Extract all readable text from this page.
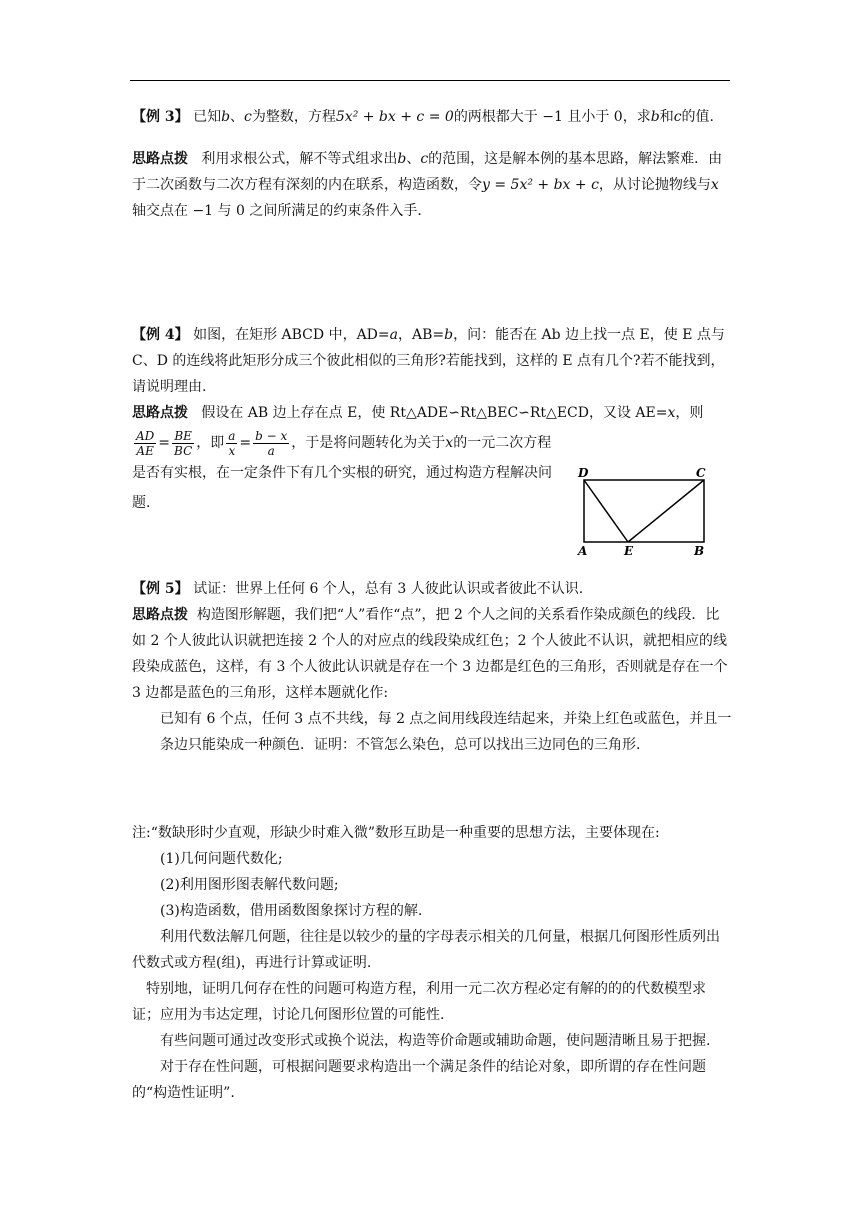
【例 3】 已知b、c为整数，方程5x² + bx + c = 0的两根都大于 −1 且小于 0，求b和c的值.

思路点拨 利用求根公式，解不等式组求出b、c的范围，这是解本例的基本思路，解法繁难．由于二次函数与二次方程有深刻的内在联系，构造函数，令y = 5x² + bx + c，从讨论抛物线与x轴交点在 −1 与 0 之间所满足的约束条件入手．

【例 4】 如图，在矩形 ABCD 中，AD=a，AB=b，问：能否在 Ab 边上找一点 E，使 E 点与 C、D 的连线将此矩形分成三个彼此相似的三角形?若能找到，这样的 E 点有几个?若不能找到，请说明理由.

思路点拨 假设在 AB 边上存在点 E，使 Rt△ADE∽Rt△BEC∽Rt△ECD，又设 AE=x，则

$\frac{AD}{AE} = \frac{BE}{BC}$ ，即 $\frac{a}{x} = \frac{b - x}{a}$ ，于是将问题转化为关于x的一元二次方程是否有实根，在一定条件下有几个实根的研究，通过构造方程解决问题.

D	C
A	E	B

【例 5】 试证：世界上任何 6 个人，总有 3 人彼此认识或者彼此不认识.

思路点拨 构造图形解题，我们把“人”看作“点”，把 2 个人之间的关系看作染成颜色的线段．比如 2 个人彼此认识就把连接 2 个人的对应点的线段染成红色；2 个人彼此不认识，就把相应的线段染成蓝色，这样，有 3 个人彼此认识就是存在一个 3 边都是红色的三角形，否则就是存在一个 3 边都是蓝色的三角形，这样本题就化作:

已知有 6 个点，任何 3 点不共线，每 2 点之间用线段连结起来，并染上红色或蓝色，并且一条边只能染成一种颜色．证明：不管怎么染色，总可以找出三边同色的三角形.

注:“数缺形时少直观，形缺少时难入微”数形互助是一种重要的思想方法，主要体现在:

(1)几何问题代数化;

(2)利用图形图表解代数问题;

(3)构造函数，借用函数图象探讨方程的解.

利用代数法解几何题，往往是以较少的量的字母表示相关的几何量，根据几何图形性质列出代数式或方程(组)，再进行计算或证明.

特别地，证明几何存在性的问题可构造方程，利用一元二次方程必定有解的的的代数模型求证；应用为韦达定理，讨论几何图形位置的可能性.

有些问题可通过改变形式或换个说法，构造等价命题或辅助命题，使问题清晰且易于把握.

对于存在性问题，可根据问题要求构造出一个满足条件的结论对象，即所谓的存在性问题的“构造性证明”.
